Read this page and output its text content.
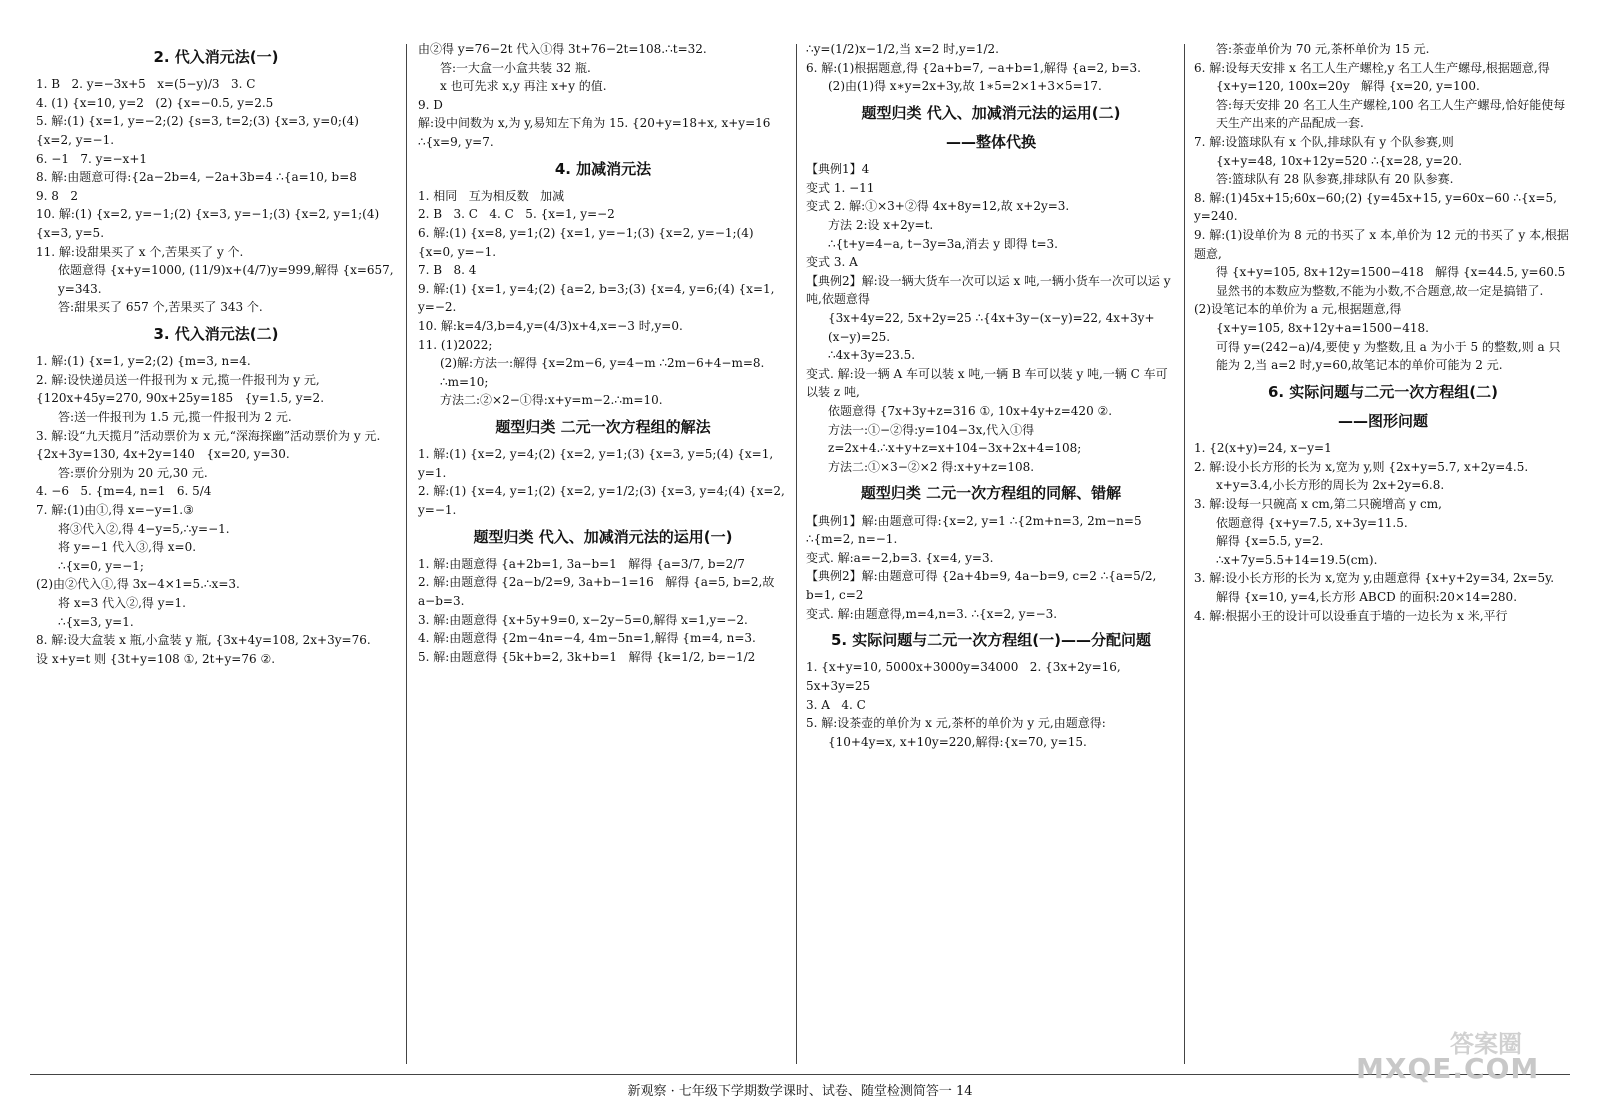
2. 代入消元法(一)

1. B   2. y=−3x+5   x=(5−y)/3   3. C

4. (1) {x=10, y=2   (2) {x=−0.5, y=2.5

5. 解:(1) {x=1, y=−2;(2) {s=3, t=2;(3) {x=3, y=0;(4) {x=2, y=−1.

6. −1   7. y=−x+1

8. 解:由题意可得:{2a−2b=4, −2a+3b=4 ∴{a=10, b=8

9. 8   2

10. 解:(1) {x=2, y=−1;(2) {x=3, y=−1;(3) {x=2, y=1;(4) {x=3, y=5.

11. 解:设甜果买了 x 个,苦果买了 y 个.

依题意得 {x+y=1000, (11/9)x+(4/7)y=999,解得 {x=657, y=343.

答:甜果买了 657 个,苦果买了 343 个.

3. 代入消元法(二)

1. 解:(1) {x=1, y=2;(2) {m=3, n=4.

2. 解:设快递员送一件报刊为 x 元,揽一件报刊为 y 元,

{120x+45y=270, 90x+25y=185   {y=1.5, y=2.

答:送一件报刊为 1.5 元,揽一件报刊为 2 元.

3. 解:设“九天揽月”活动票价为 x 元,“深海探幽”活动票价为 y 元.

{2x+3y=130, 4x+2y=140   {x=20, y=30.

答:票价分别为 20 元,30 元.

4. −6   5. {m=4, n=1   6. 5/4

7. 解:(1)由①,得 x=−y=1.③

将③代入②,得 4−y=5,∴y=−1.

将 y=−1 代入③,得 x=0.

∴{x=0, y=−1;

(2)由②代入①,得 3x−4×1=5.∴x=3.

将 x=3 代入②,得 y=1.

∴{x=3, y=1.

8. 解:设大盒装 x 瓶,小盒装 y 瓶, {3x+4y=108, 2x+3y=76.

设 x+y=t 则 {3t+y=108 ①, 2t+y=76 ②.

由②得 y=76−2t 代入①得 3t+76−2t=108.∴t=32.

答:一大盒一小盒共装 32 瓶.

x 也可先求 x,y 再注 x+y 的值.

9. D

解:设中间数为 x,为 y,易知左下角为 15. {20+y=18+x, x+y=16

∴{x=9, y=7.

4. 加减消元法

1. 相同   互为相反数   加减

2. B   3. C   4. C   5. {x=1, y=−2

6. 解:(1) {x=8, y=1;(2) {x=1, y=−1;(3) {x=2, y=−1;(4) {x=0, y=−1.

7. B   8. 4

9. 解:(1) {x=1, y=4;(2) {a=2, b=3;(3) {x=4, y=6;(4) {x=1, y=−2.

10. 解:k=4/3,b=4,y=(4/3)x+4,x=−3 时,y=0.

11. (1)2022;

(2)解:方法一:解得 {x=2m−6, y=4−m ∴2m−6+4−m=8.

∴m=10;

方法二:②×2−①得:x+y=m−2.∴m=10.

题型归类 二元一次方程组的解法

1. 解:(1) {x=2, y=4;(2) {x=2, y=1;(3) {x=3, y=5;(4) {x=1, y=1.

2. 解:(1) {x=4, y=1;(2) {x=2, y=1/2;(3) {x=3, y=4;(4) {x=2, y=−1.

题型归类 代入、加减消元法的运用(一)

1. 解:由题意得 {a+2b=1, 3a−b=1   解得 {a=3/7, b=2/7

2. 解:由题意得 {2a−b/2=9, 3a+b−1=16   解得 {a=5, b=2,故 a−b=3.

3. 解:由题意得 {x+5y+9=0, x−2y−5=0,解得 x=1,y=−2.

4. 解:由题意得 {2m−4n=−4, 4m−5n=1,解得 {m=4, n=3.

5. 解:由题意得 {5k+b=2, 3k+b=1   解得 {k=1/2, b=−1/2

∴y=(1/2)x−1/2,当 x=2 时,y=1/2.

6. 解:(1)根据题意,得 {2a+b=7, −a+b=1,解得 {a=2, b=3.

(2)由(1)得 x∗y=2x+3y,故 1∗5=2×1+3×5=17.

题型归类 代入、加减消元法的运用(二)
——整体代换

【典例1】4

变式 1. −11

变式 2. 解:①×3+②得 4x+8y=12,故 x+2y=3.

方法 2:设 x+2y=t.

∴{t+y=4−a, t−3y=3a,消去 y 即得 t=3.

变式 3. A

【典例2】解:设一辆大货车一次可以运 x 吨,一辆小货车一次可以运 y 吨,依题意得

{3x+4y=22, 5x+2y=25 ∴{4x+3y−(x−y)=22, 4x+3y+(x−y)=25.

∴4x+3y=23.5.

变式. 解:设一辆 A 车可以装 x 吨,一辆 B 车可以装 y 吨,一辆 C 车可以装 z 吨,

依题意得 {7x+3y+z=316 ①, 10x+4y+z=420 ②.

方法一:①−②得:y=104−3x,代入①得 z=2x+4.∴x+y+z=x+104−3x+2x+4=108;

方法二:①×3−②×2 得:x+y+z=108.

题型归类 二元一次方程组的同解、错解

【典例1】解:由题意可得:{x=2, y=1 ∴{2m+n=3, 2m−n=5 ∴{m=2, n=−1.

变式. 解:a=−2,b=3. {x=4, y=3.

【典例2】解:由题意可得 {2a+4b=9, 4a−b=9, c=2 ∴{a=5/2, b=1, c=2

变式. 解:由题意得,m=4,n=3. ∴{x=2, y=−3.

5. 实际问题与二元一次方程组(一)——分配问题

1. {x+y=10, 5000x+3000y=34000   2. {3x+2y=16, 5x+3y=25

3. A   4. C

5. 解:设茶壶的单价为 x 元,茶杯的单价为 y 元,由题意得:

{10+4y=x, x+10y=220,解得:{x=70, y=15.

答:茶壶单价为 70 元,茶杯单价为 15 元.

6. 解:设每天安排 x 名工人生产螺栓,y 名工人生产螺母,根据题意,得

{x+y=120, 100x=20y   解得 {x=20, y=100.

答:每天安排 20 名工人生产螺栓,100 名工人生产螺母,恰好能使每天生产出来的产品配成一套.

7. 解:设篮球队有 x 个队,排球队有 y 个队参赛,则

{x+y=48, 10x+12y=520 ∴{x=28, y=20.

答:篮球队有 28 队参赛,排球队有 20 队参赛.

8. 解:(1)45x+15;60x−60;(2) {y=45x+15, y=60x−60 ∴{x=5, y=240.

9. 解:(1)设单价为 8 元的书买了 x 本,单价为 12 元的书买了 y 本,根据题意,

得 {x+y=105, 8x+12y=1500−418   解得 {x=44.5, y=60.5   显然书的本数应为整数,不能为小数,不合题意,故一定是搞错了.

(2)设笔记本的单价为 a 元,根据题意,得

{x+y=105, 8x+12y+a=1500−418.

可得 y=(242−a)/4,要使 y 为整数,且 a 为小于 5 的整数,则 a 只能为 2,当 a=2 时,y=60,故笔记本的单价可能为 2 元.

6. 实际问题与二元一次方程组(二)
——图形问题

1. {2(x+y)=24, x−y=1

2. 解:设小长方形的长为 x,宽为 y,则 {2x+y=5.7, x+2y=4.5.

x+y=3.4,小长方形的周长为 2x+2y=6.8.

3. 解:设每一只碗高 x cm,第二只碗增高 y cm,

依题意得 {x+y=7.5, x+3y=11.5.

解得 {x=5.5, y=2.

∴x+7y=5.5+14=19.5(cm).

3. 解:设小长方形的长为 x,宽为 y,由题意得 {x+y+2y=34, 2x=5y.

解得 {x=10, y=4,长方形 ABCD 的面积:20×14=280.

4. 解:根据小王的设计可以设垂直于墙的一边长为 x 米,平行

新观察 · 七年级下学期数学课时、试卷、随堂检测简答一 14
答案圈
MXQE.COM
